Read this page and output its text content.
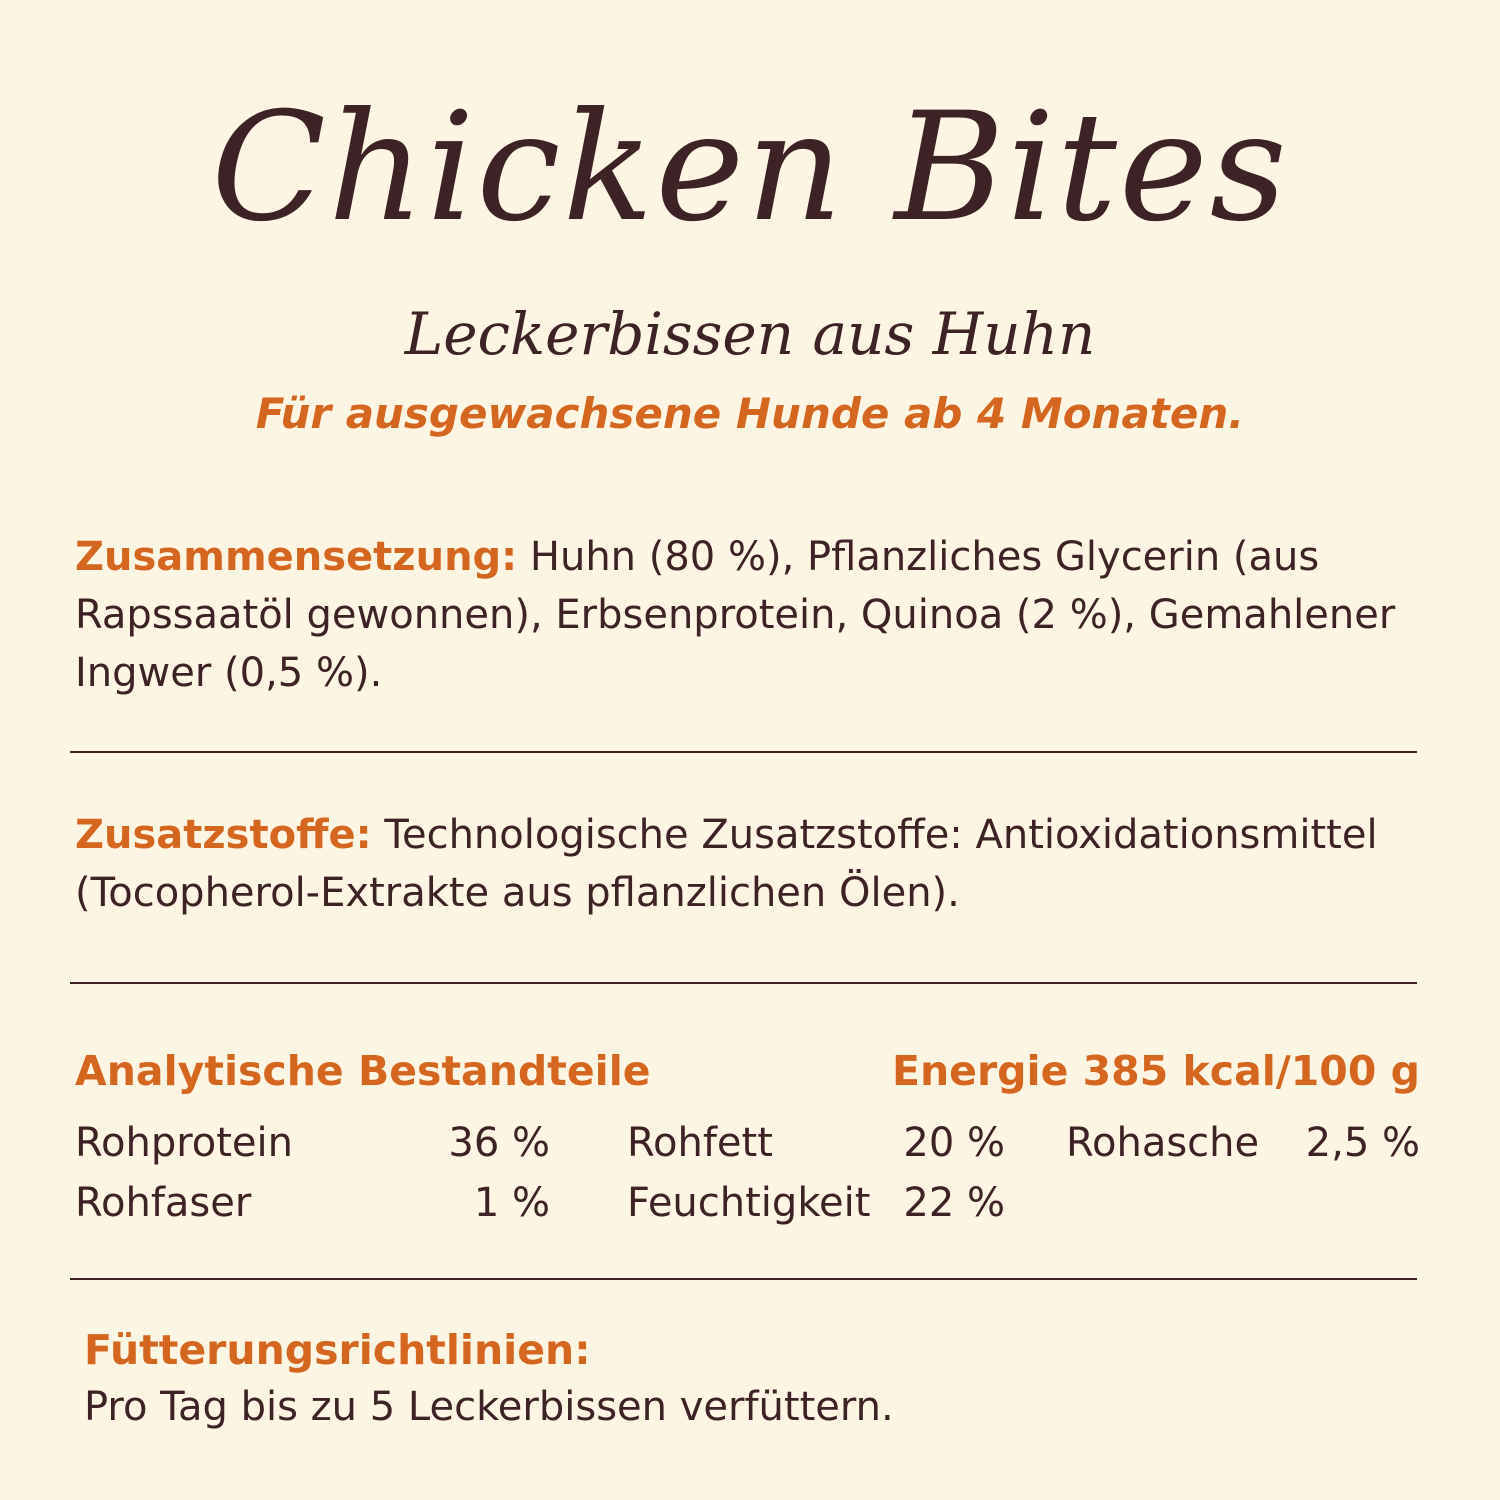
Chicken Bites
Leckerbissen aus Huhn
Für ausgewachsene Hunde ab 4 Monaten.
Zusammensetzung: Huhn (80 %), Pflanzliches Glycerin (aus Rapssaatöl gewonnen), Erbsenprotein, Quinoa (2 %), Gemahlener Ingwer (0,5 %).
Zusatzstoffe: Technologische Zusatzstoffe: Antioxidationsmittel (Tocopherol-Extrakte aus pflanzlichen Ölen).
Analytische Bestandteile	Energie 385 kcal/100 g
Rohprotein	36 % Rohfett	20 % Rohasche	2,5 %
Rohfaser	1 % Feuchtigkeit 22 %
Fütterungsrichtlinien:
Pro Tag bis zu 5 Leckerbissen verfüttern.
